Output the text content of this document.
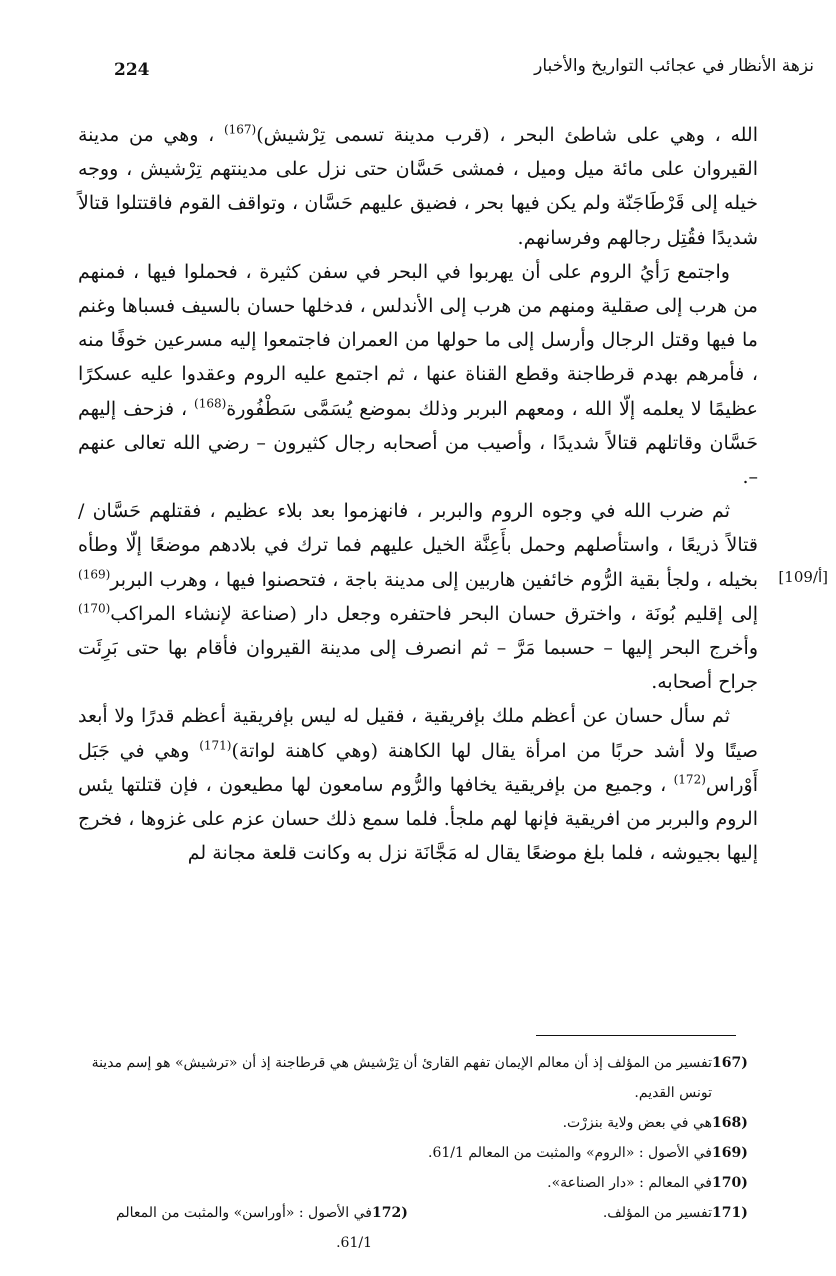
224	نزهة الأنظار في عجائب التواريخ والأخبار
[109/أ]

الله ، وهي على شاطئ البحر ، (قرب مدينة تسمى تِرْشيش)$^{(167)}$ ، وهي من مدينة القيروان على مائة ميل وميل ، فمشى حَسَّان حتى نزل على مدينتهم تِرْشيش ، ووجه خيله إلى قَرْطَاجَنّة ولم يكن فيها بحر ، فضيق عليهم حَسَّان ، وتواقف القوم فاقتتلوا قتالاً شديدًا فقُتِل رجالهم وفرسانهم.

واجتمع رَأيُ الروم على أن يهربوا في البحر في سفن كثيرة ، فحملوا فيها ، فمنهم من هرب إلى صقلية ومنهم من هرب إلى الأندلس ، فدخلها حسان بالسيف فسباها وغنم ما فيها وقتل الرجال وأرسل إلى ما حولها من العمران فاجتمعوا إليه مسرعين خوفًا منه ، فأمرهم بهدم قرطاجنة وقطع القناة عنها ، ثم اجتمع عليه الروم وعقدوا عليه عسكرًا عظيمًا لا يعلمه إلّا الله ، ومعهم البربر وذلك بموضع يُسَمَّى سَطْفُورة$^{(168)}$ ، فزحف إليهم حَسَّان وقاتلهم قتالاً شديدًا ، وأصيب من أصحابه رجال كثيرون – رضي الله تعالى عنهم –.

ثم ضرب الله في وجوه الروم والبربر ، فانهزموا بعد بلاء عظيم ، فقتلهم حَسَّان / قتالاً ذريعًا ، واستأصلهم وحمل بأَعِنَّة الخيل عليهم فما ترك في بلادهم موضعًا إلّا وطأه بخيله ، ولجأ بقية الرُّوم خائفين هاربين إلى مدينة باجة ، فتحصنوا فيها ، وهرب البربر$^{(169)}$ إلى إقليم بُونَة ، واخترق حسان البحر فاحتفره وجعل دار (صناعة لإنشاء المراكب$^{(170)}$ وأخرج البحر إليها – حسبما مَرَّ – ثم انصرف إلى مدينة القيروان فأقام بها حتى بَرِئَت جراح أصحابه.

ثم سأل حسان عن أعظم ملك بإفريقية ، فقيل له ليس بإفريقية أعظم قدرًا ولا أبعد صيتًا ولا أشد حربًا من امرأة يقال لها الكاهنة (وهي كاهنة لواتة)$^{(171)}$ وهي في جَبَل أَوْراس$^{(172)}$ ، وجميع من بإفريقية يخافها والرُّوم سامعون لها مطيعون ، فإن قتلتها يئس الروم والبربر من افريقية فإنها لهم ملجأ. فلما سمع ذلك حسان عزم على غزوها ، فخرج إليها بجيوشه ، فلما بلغ موضعًا يقال له مَجَّانَة نزل به وكانت قلعة مجانة لم

167)
تفسير من المؤلف إذ أن معالم الإيمان تفهم القارئ أن تِرْشيش هي قرطاجنة إذ أن «ترشيش» هو إسم مدينة
تونس القديم.
168)
هي في بعض ولاية بنزرْت.
169)
في الأصول : «الروم» والمثبت من المعالم 61/1.
170)
في المعالم : «دار الصناعة».
171)
تفسير من المؤلف.
172)
في الأصول : «أوراسن» والمثبت من المعالم 61/1.
